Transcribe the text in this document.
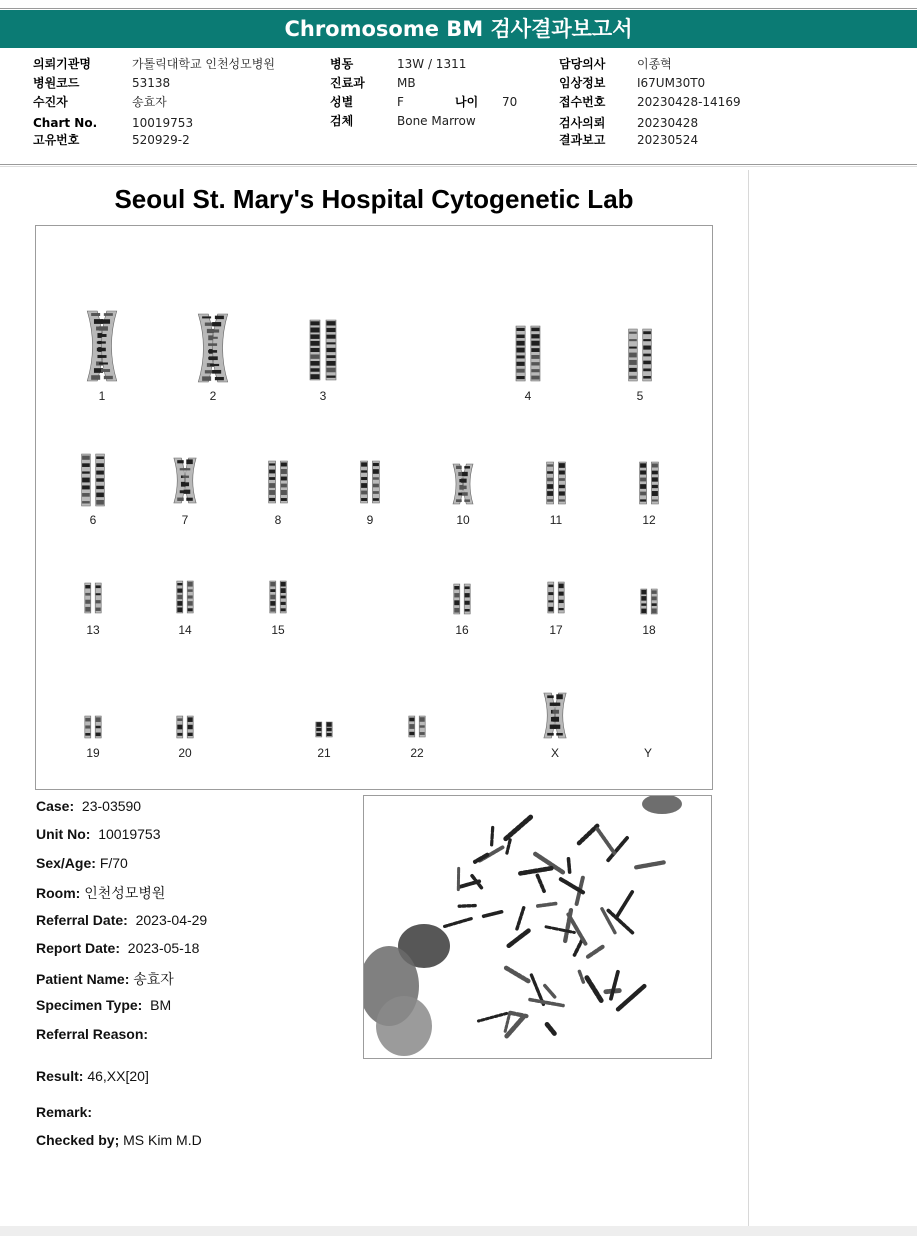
Chromosome BM 검사결과보고서
의뢰기관명	가톨릭대학교 인천성모병원
병원코드	53138
수진자	송효자
Chart No.	10019753
고유번호	520929-2
병동	13W / 1311
진료과	MB
성별	F	나이 70
검체	Bone Marrow
담당의사	이종혁
임상정보	I67UM30T0
접수번호	20230428-14169
검사의뢰	20230428
결과보고	20230524
Seoul St. Mary's Hospital Cytogenetic Lab
1	2	3	4	5
6	7	8	9	10	11	12
13	14	15	16	17	18
19	20	21	22	X	Y
Case: 23-03590
Unit No: 10019753
Sex/Age: F/70
Room: 인천성모병원
Referral Date: 2023-04-29
Report Date: 2023-05-18
Patient Name: 송효자
Specimen Type: BM
Referral Reason:
Result: 46,XX[20]
Remark:
Checked by; MS Kim M.D
